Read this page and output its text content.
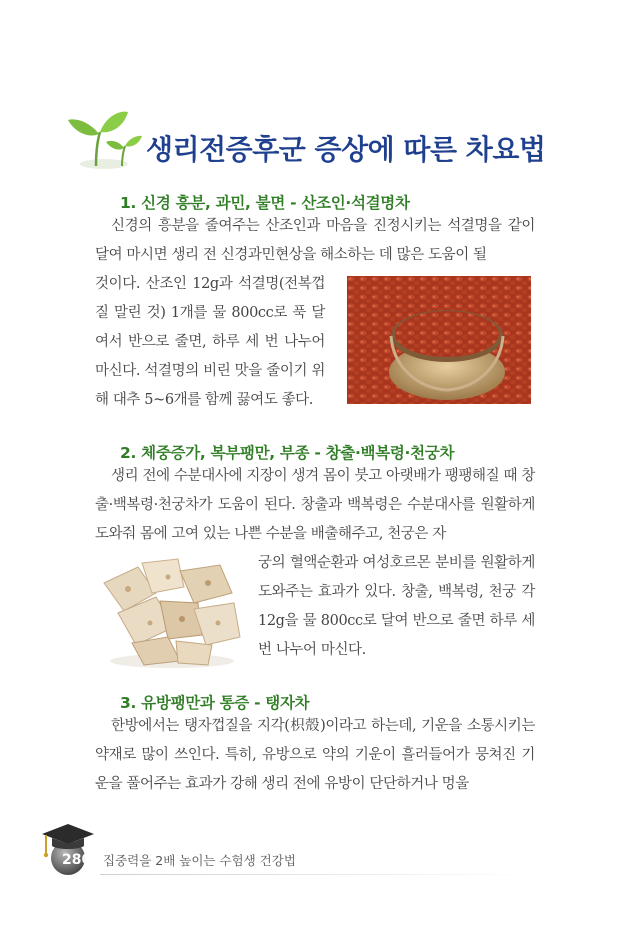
생리전증후군 증상에 따른 차요법
1. 신경 흥분, 과민, 불면 - 산조인·석결명차

신경의 흥분을 줄여주는 산조인과 마음을 진정시키는 석결명을 같이 달여 마시면 생리 전 신경과민현상을 해소하는 데 많은 도움이 될

것이다. 산조인 12g과 석결명(전복껍질 말린 것) 1개를 물 800cc로 푹 달여서 반으로 줄면, 하루 세 번 나누어 마신다. 석결명의 비린 맛을 줄이기 위해 대추 5~6개를 함께 끓여도 좋다.

2. 체중증가, 복부팽만, 부종 - 창출·백복령·천궁차

생리 전에 수분대사에 지장이 생겨 몸이 붓고 아랫배가 팽팽해질 때 창출·백복령·천궁차가 도움이 된다. 창출과 백복령은 수분대사를 원활하게 도와줘 몸에 고여 있는 나쁜 수분을 배출해주고, 천궁은 자

궁의 혈액순환과 여성호르몬 분비를 원활하게 도와주는 효과가 있다. 창출, 백복령, 천궁 각 12g을 물 800cc로 달여 반으로 줄면 하루 세 번 나누어 마신다.

3. 유방팽만과 통증 - 탱자차

한방에서는 탱자껍질을 지각(枳殼)이라고 하는데, 기운을 소통시키는 약재로 많이 쓰인다. 특히, 유방으로 약의 기운이 흘러들어가 뭉쳐진 기운을 풀어주는 효과가 강해 생리 전에 유방이 단단하거나 멍울

280 집중력을 2배 높이는 수험생 건강법
